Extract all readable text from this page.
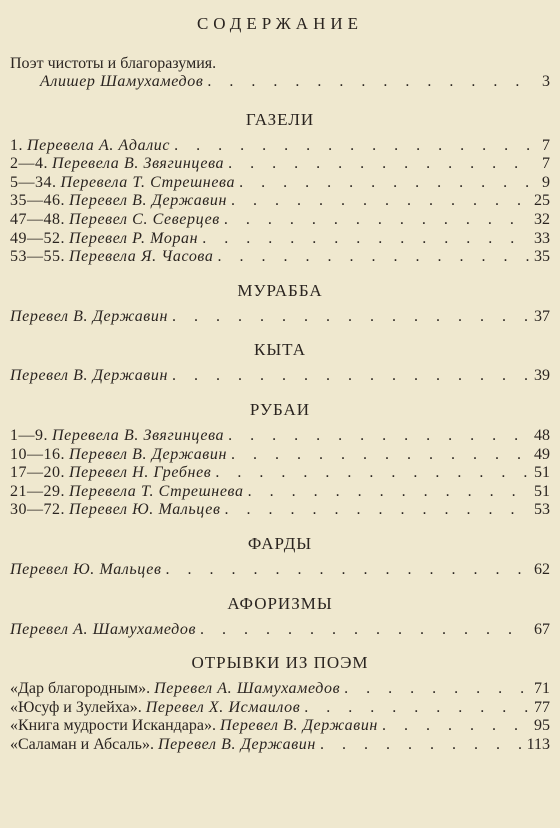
СОДЕРЖАНИЕ
Поэт чистоты и благоразумия.
Алишер Шамухамедов . . .	3
ГАЗЕЛИ
1. Перевела А. Адалис . . .	7
2—4. Перевела В. Звягинцева . . .	7
5—34. Перевела Т. Стрешнева . . .	9
35—46. Перевел В. Державин . . .	25
47—48. Перевел С. Северцев . . .	32
49—52. Перевел Р. Моран . . .	33
53—55. Перевела Я. Часова . . .	35
МУРАББА
Перевел В. Державин . . .	37
КЫТА
Перевел В. Державин . . .	39
РУБАИ
1—9. Перевела В. Звягинцева . . .	48
10—16. Перевел В. Державин . . .	49
17—20. Перевел Н. Гребнев . . .	51
21—29. Перевела Т. Стрешнева . . .	51
30—72. Перевел Ю. Мальцев . . .	53
ФАРДЫ
Перевел Ю. Мальцев . . .	62
АФОРИЗМЫ
Перевел А. Шамухамедов . . .	67
ОТРЫВКИ ИЗ ПОЭМ
«Дар благородным». Перевел А. Шамухамедов . . .	71
«Юсуф и Зулейха». Перевел Х. Исмаилов . . .	77
«Книга мудрости Искандара». Перевел В. Державин . . .	95
«Саламан и Абсаль». Перевел В. Державин . . .	113
